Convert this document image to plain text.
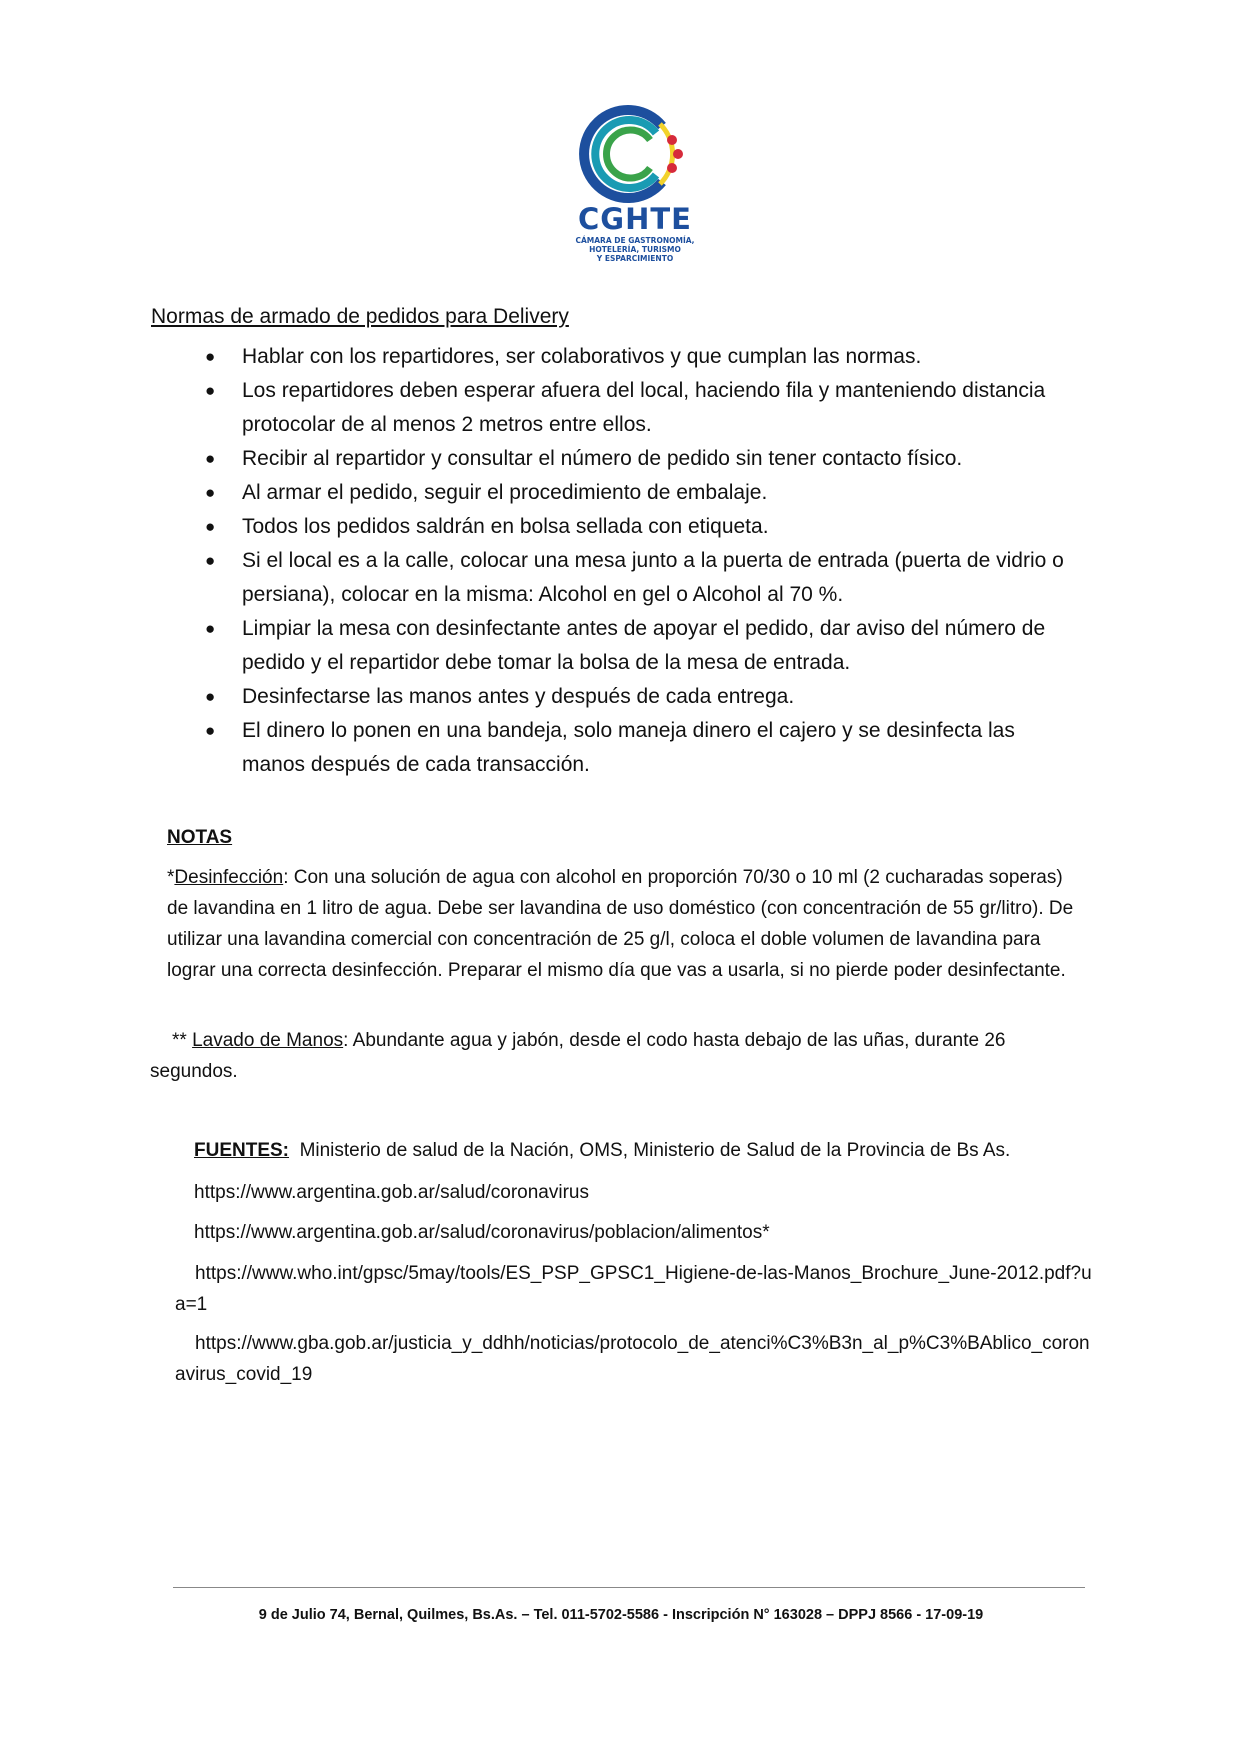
CGHTE
CÁMARA DE GASTRONOMÍA,
HOTELERÍA, TURISMO
Y ESPARCIMIENTO
Normas de armado de pedidos para Delivery
● Hablar con los repartidores, ser colaborativos y que cumplan las normas.
● Los repartidores deben esperar afuera del local, haciendo fila y manteniendo distancia protocolar de al menos 2 metros entre ellos.
● Recibir al repartidor y consultar el número de pedido sin tener contacto físico.
● Al armar el pedido, seguir el procedimiento de embalaje.
● Todos los pedidos saldrán en bolsa sellada con etiqueta.
● Si el local es a la calle, colocar una mesa junto a la puerta de entrada (puerta de vidrio o persiana), colocar en la misma: Alcohol en gel o Alcohol al 70 %.
● Limpiar la mesa con desinfectante antes de apoyar el pedido, dar aviso del número de pedido y el repartidor debe tomar la bolsa de la mesa de entrada.
● Desinfectarse las manos antes y después de cada entrega.
● El dinero lo ponen en una bandeja, solo maneja dinero el cajero y se desinfecta las manos después de cada transacción.
NOTAS
*Desinfección: Con una solución de agua con alcohol en proporción 70/30 o 10 ml (2 cucharadas soperas) de lavandina en 1 litro de agua. Debe ser lavandina de uso doméstico (con concentración de 55 gr/litro). De utilizar una lavandina comercial con concentración de 25 g/l, coloca el doble volumen de lavandina para lograr una correcta desinfección. Preparar el mismo día que vas a usarla, si no pierde poder desinfectante.
** Lavado de Manos: Abundante agua y jabón, desde el codo hasta debajo de las uñas, durante 26 segundos.
FUENTES: Ministerio de salud de la Nación, OMS, Ministerio de Salud de la Provincia de Bs As.
https://www.argentina.gob.ar/salud/coronavirus
https://www.argentina.gob.ar/salud/coronavirus/poblacion/alimentos*
https://www.who.int/gpsc/5may/tools/ES_PSP_GPSC1_Higiene-de-las-Manos_Brochure_June-2012.pdf?ua=1
https://www.gba.gob.ar/justicia_y_ddhh/noticias/protocolo_de_atenci%C3%B3n_al_p%C3%BAblico_coronavirus_covid_19
9 de Julio 74, Bernal, Quilmes, Bs.As. – Tel. 011-5702-5586 - Inscripción N° 163028 – DPPJ 8566 - 17-09-19
